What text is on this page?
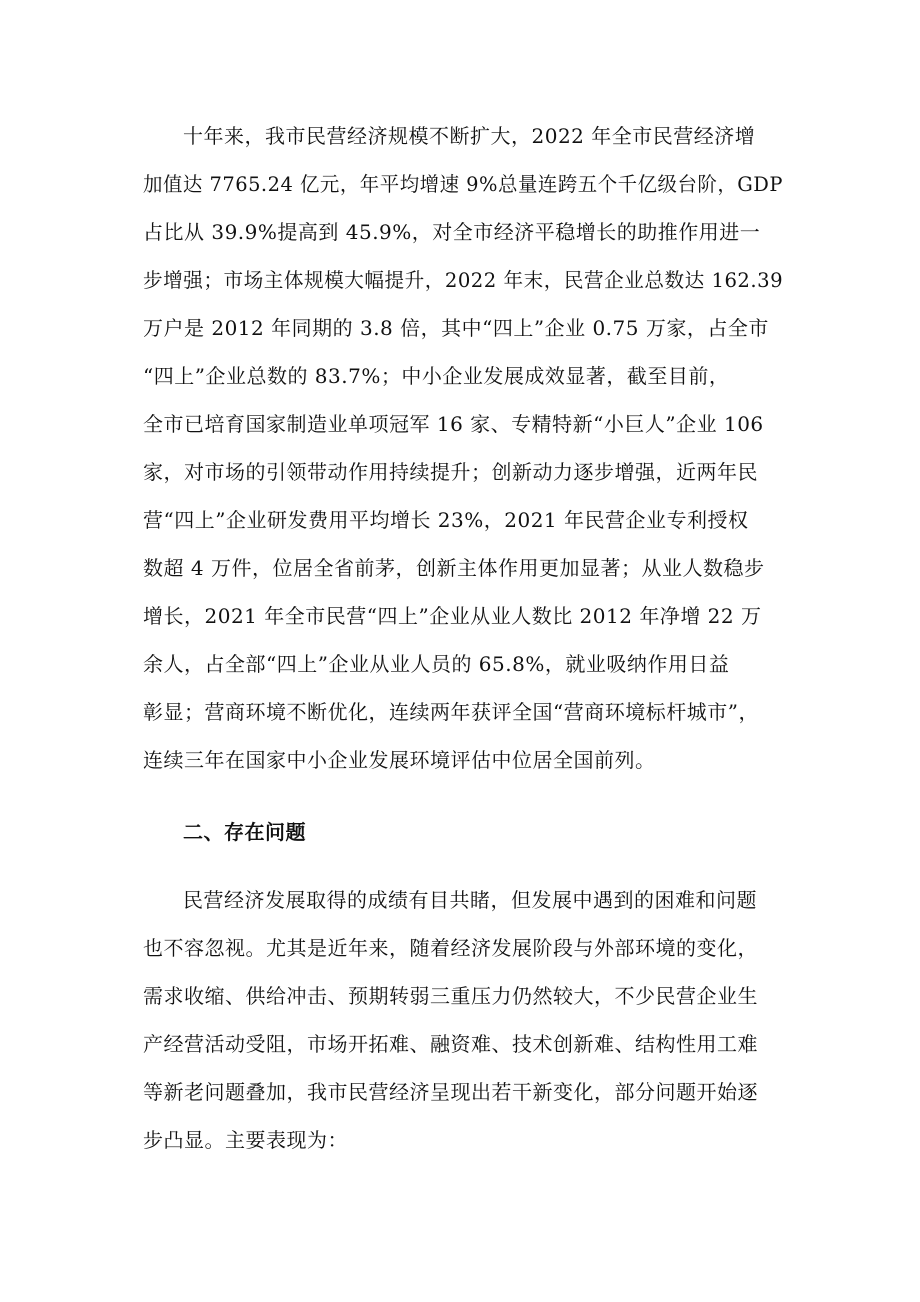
十年来，我市民营经济规模不断扩大，2022 年全市民营经济增
加值达 7765.24 亿元，年平均增速 9%总量连跨五个千亿级台阶，GDP
占比从 39.9%提高到 45.9%，对全市经济平稳增长的助推作用进一
步增强；市场主体规模大幅提升，2022 年末，民营企业总数达 162.39
万户是 2012 年同期的 3.8 倍，其中“四上”企业 0.75 万家，占全市
“四上”企业总数的 83.7%；中小企业发展成效显著，截至目前，
全市已培育国家制造业单项冠军 16 家、专精特新“小巨人”企业 106
家，对市场的引领带动作用持续提升；创新动力逐步增强，近两年民
营“四上”企业研发费用平均增长 23%，2021 年民营企业专利授权
数超 4 万件，位居全省前茅，创新主体作用更加显著；从业人数稳步
增长，2021 年全市民营“四上”企业从业人数比 2012 年净增 22 万
余人，占全部“四上”企业从业人员的 65.8%，就业吸纳作用日益
彰显；营商环境不断优化，连续两年获评全国“营商环境标杆城市”，
连续三年在国家中小企业发展环境评估中位居全国前列。
二、存在问题
民营经济发展取得的成绩有目共睹，但发展中遇到的困难和问题
也不容忽视。尤其是近年来，随着经济发展阶段与外部环境的变化，
需求收缩、供给冲击、预期转弱三重压力仍然较大，不少民营企业生
产经营活动受阻，市场开拓难、融资难、技术创新难、结构性用工难
等新老问题叠加，我市民营经济呈现出若干新变化，部分问题开始逐
步凸显。主要表现为：
